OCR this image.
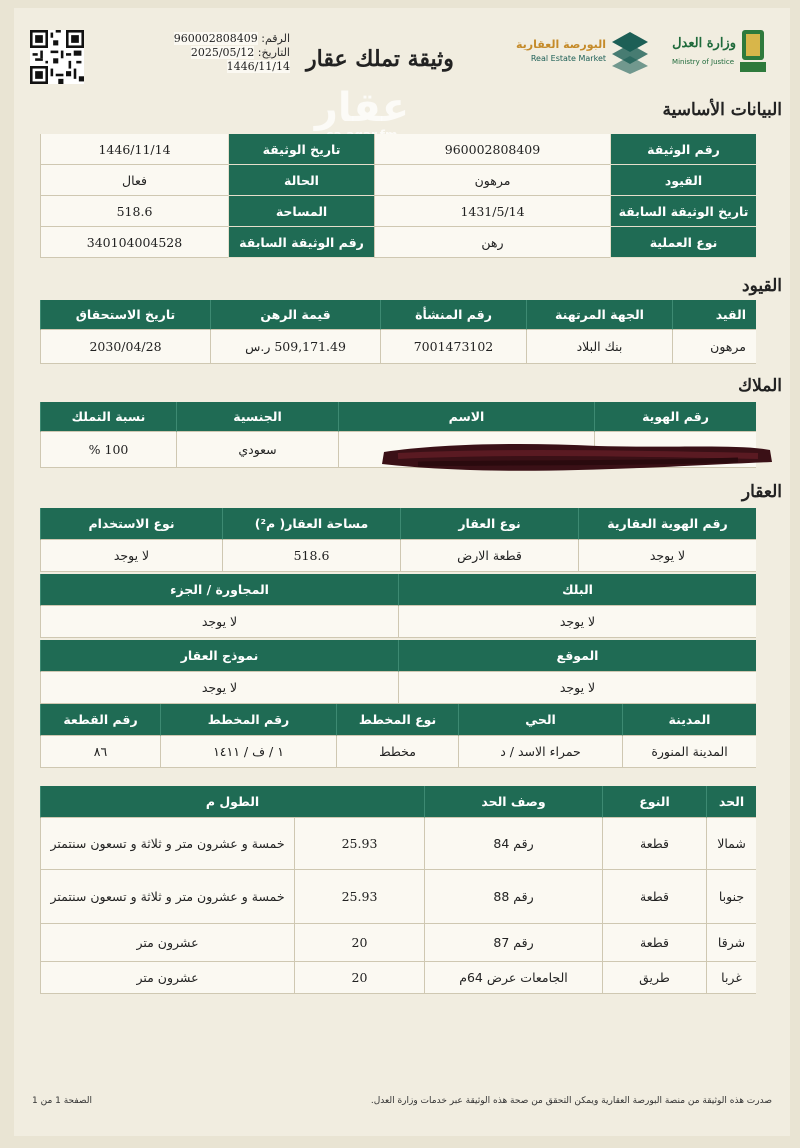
الرقم: 960002808409
التاريخ: 2025/05/12
1446/11/14 وثيقة تملك عقار
البورصة العقارية
Real Estate Market
وزارة العدل
Ministry of Justice
عقار	البيانات الأساسية
رقم الوثيقة
960002808409
تاريخ الوثيقة
1446/11/14
القيود
مرهون
الحالة
فعال
تاريخ الوثيقة السابقة
1431/5/14
المساحة
518.6
نوع العملية
رهن
رقم الوثيقة السابقة
340104004528
القيود
القيد
الجهة المرتهنة
رقم المنشأة
قيمة الرهن
تاريخ الاستحقاق
مرهون
بنك البلاد
7001473102
509,171.49 ر.س
2030/04/28
الملاك
رقم الهوية
الاسم
الجنسية
نسبة التملك
سعودي
100 %
العقار
رقم الهوية العقارية
نوع العقار
مساحة العقار( م²)
نوع الاستخدام
لا يوجد
قطعة الارض
518.6
لا يوجد
البلك
المجاورة / الجزء
لا يوجد
لا يوجد
الموقع
نموذج العقار
لا يوجد
لا يوجد
المدينة
الحي
نوع المخطط
رقم المخطط
رقم القطعة
المدينة المنورة
حمراء الاسد / د
مخطط
١ / ف / ١٤١١
٨٦
الحد
النوع
وصف الحد
الطول م
شمالا
قطعة
رقم 84
25.93
خمسة و عشرون متر و ثلاثة و تسعون سنتمتر
جنوبا
قطعة
رقم 88
25.93
خمسة و عشرون متر و ثلاثة و تسعون سنتمتر
شرقا
قطعة
رقم 87
20
عشرون متر
غربا
طريق
الجامعات عرض 64م
20
عشرون متر
صدرت هذه الوثيقة من منصة البورصة العقارية ويمكن التحقق من صحة هذه الوثيقة عبر خدمات وزارة العدل.
الصفحة 1 من 1
